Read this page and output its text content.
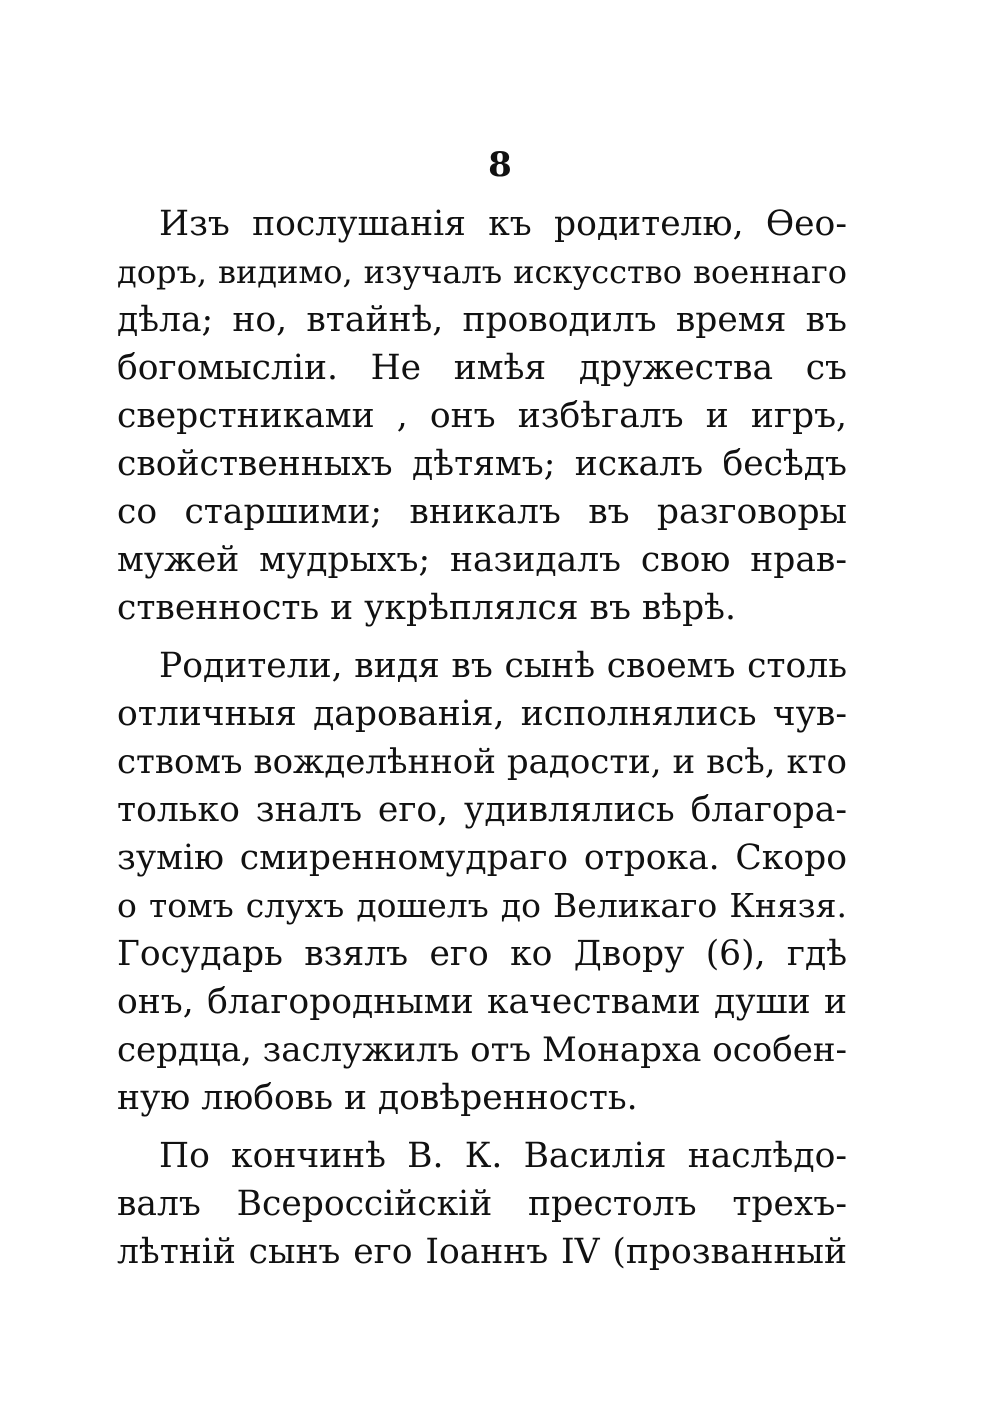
8
Изъ послушанія къ родителю, Ѳео-
доръ, видимо, изучалъ искусство военнаго
дѣла; но, втайнѣ, проводилъ время въ
богомысліи. Не имѣя дружества съ
сверстниками , онъ избѣгалъ и игръ,
свойственныхъ дѣтямъ; искалъ бесѣдъ
со старшими; вникалъ въ разговоры
мужей мудрыхъ; назидалъ свою нрав-
ственность и укрѣплялся въ вѣрѣ.
Родители, видя въ сынѣ своемъ столь
отличныя дарованія, исполнялись чув-
ствомъ вожделѣнной радости, и всѣ, кто
только зналъ его, удивлялись благора-
зумію смиренномудраго отрока. Скоро
о томъ слухъ дошелъ до Великаго Князя.
Государь взялъ его ко Двору (6), гдѣ
онъ, благородными качествами души и
сердца, заслужилъ отъ Монарха особен-
ную любовь и довѣренность.
По кончинѣ В. К. Василія наслѣдо-
валъ Всероссійскій престолъ трехъ-
лѣтній сынъ его Іоаннъ IV (прозванный
